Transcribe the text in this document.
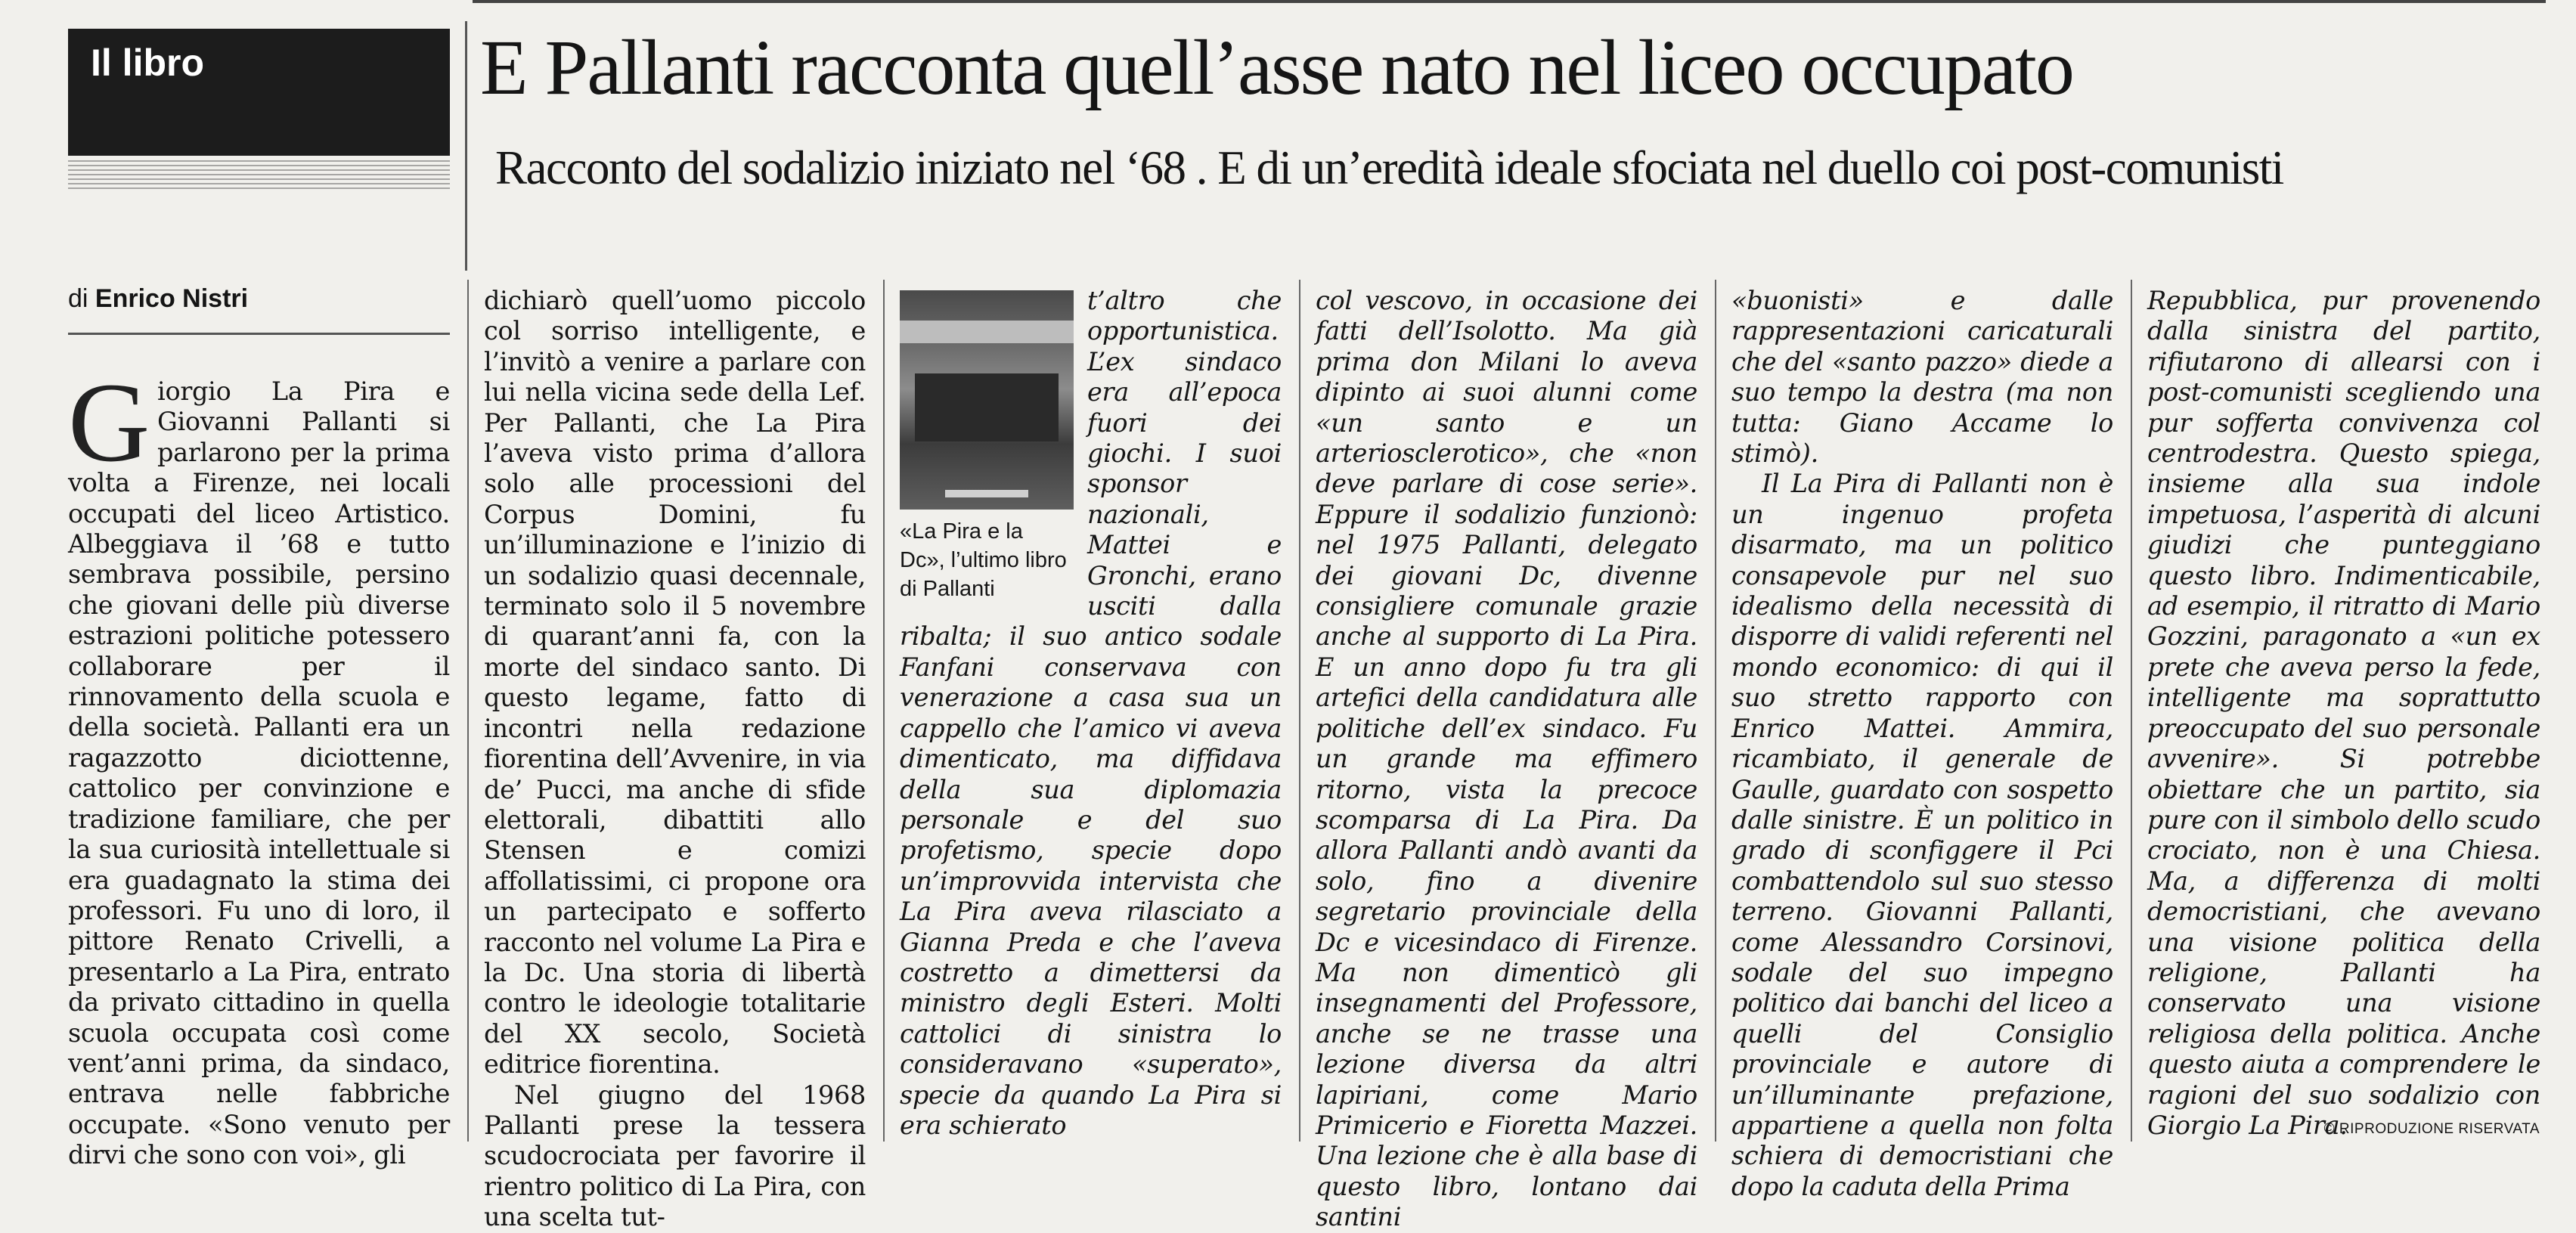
Il libro	E Pallanti racconta quell’asse nato nel liceo occupato
Racconto del sodalizio iniziato nel ‘68 . E di un’eredità ideale sfociata nel duello coi post-comunisti
di Enrico Nistri

Giorgio La Pira e Giovanni Pallanti si parlarono per la prima volta a Firenze, nei locali occupati del liceo Artistico. Albeggiava il ’68 e tutto sembrava possibile, persino che giovani delle più diverse estrazioni politiche potessero collaborare per il rinnovamento della scuola e della società. Pallanti era un ragazzotto diciottenne, cattolico per convinzione e tradizione familiare, che per la sua curiosità intellettuale si era guadagnato la stima dei professori. Fu uno di loro, il pittore Renato Crivelli, a presentarlo a La Pira, entrato da privato cittadino in quella scuola occupata così come vent’anni prima, da sindaco, entrava nelle fabbriche occupate. «Sono venuto per dirvi che sono con voi», gli

dichiarò quell’uomo piccolo col sorriso intelligente, e l’invitò a venire a parlare con lui nella vicina sede della Lef. Per Pallanti, che La Pira l’aveva visto prima d’allora solo alle processioni del Corpus Domini, fu un’illuminazione e l’inizio di un sodalizio quasi decennale, terminato solo il 5 novembre di quarant’anni fa, con la morte del sindaco santo. Di questo legame, fatto di incontri nella redazione fiorentina dell’Avvenire, in via de’ Pucci, ma anche di sfide elettorali, dibattiti allo Stensen e comizi affollatissimi, ci propone ora un partecipato e sofferto racconto nel volume La Pira e la Dc. Una storia di libertà contro le ideologie totalitarie del XX secolo, Società editrice fiorentina.

Nel giugno del 1968 Pallanti prese la tessera scudocrociata per favorire il rientro politico di La Pira, con una scelta tut-

«La Pira e la Dc», l’ultimo libro di Pallanti

t’altro che opportunistica. L’ex sindaco era all’epoca fuori dei giochi. I suoi sponsor nazionali, Mattei e Gronchi, erano usciti dalla ribalta; il suo antico sodale Fanfani conservava con venerazione a casa sua un cappello che l’amico vi aveva dimenticato, ma diffidava della sua diplomazia personale e del suo profetismo, specie dopo un’improvvida intervista che La Pira aveva rilasciato a Gianna Preda e che l’aveva costretto a dimettersi da ministro degli Esteri. Molti cattolici di sinistra lo consideravano «superato», specie da quando La Pira si era schierato

col vescovo, in occasione dei fatti dell’Isolotto. Ma già prima don Milani lo aveva dipinto ai suoi alunni come «un santo e un arteriosclerotico», che «non deve parlare di cose serie». Eppure il sodalizio funzionò: nel 1975 Pallanti, delegato dei giovani Dc, divenne consigliere comunale grazie anche al supporto di La Pira. E un anno dopo fu tra gli artefici della candidatura alle politiche dell’ex sindaco. Fu un grande ma effimero ritorno, vista la precoce scomparsa di La Pira. Da allora Pallanti andò avanti da solo, fino a divenire segretario provinciale della Dc e vicesindaco di Firenze. Ma non dimenticò gli insegnamenti del Professore, anche se ne trasse una lezione diversa da altri lapiriani, come Mario Primicerio e Fioretta Mazzei. Una lezione che è alla base di questo libro, lontano dai santini

«buonisti» e dalle rappresentazioni caricaturali che del «santo pazzo» diede a suo tempo la destra (ma non tutta: Giano Accame lo stimò).

Il La Pira di Pallanti non è un ingenuo profeta disarmato, ma un politico consapevole pur nel suo idealismo della necessità di disporre di validi referenti nel mondo economico: di qui il suo stretto rapporto con Enrico Mattei. Ammira, ricambiato, il generale de Gaulle, guardato con sospetto dalle sinistre. È un politico in grado di sconfiggere il Pci combattendolo sul suo stesso terreno. Giovanni Pallanti, come Alessandro Corsinovi, sodale del suo impegno politico dai banchi del liceo a quelli del Consiglio provinciale e autore di un’illuminante prefazione, appartiene a quella non folta schiera di democristiani che dopo la caduta della Prima

Repubblica, pur provenendo dalla sinistra del partito, rifiutarono di allearsi con i post-comunisti scegliendo una pur sofferta convivenza col centrodestra. Questo spiega, insieme alla sua indole impetuosa, l’asperità di alcuni giudizi che punteggiano questo libro. Indimenticabile, ad esempio, il ritratto di Mario Gozzini, paragonato a «un ex prete che aveva perso la fede, intelligente ma soprattutto preoccupato del suo personale avvenire». Si potrebbe obiettare che un partito, sia pure con il simbolo dello scudo crociato, non è una Chiesa. Ma, a differenza di molti democristiani, che avevano una visione politica della religione, Pallanti ha conservato una visione religiosa della politica. Anche questo aiuta a comprendere le ragioni del suo sodalizio con Giorgio La Pira.

© RIPRODUZIONE RISERVATA
